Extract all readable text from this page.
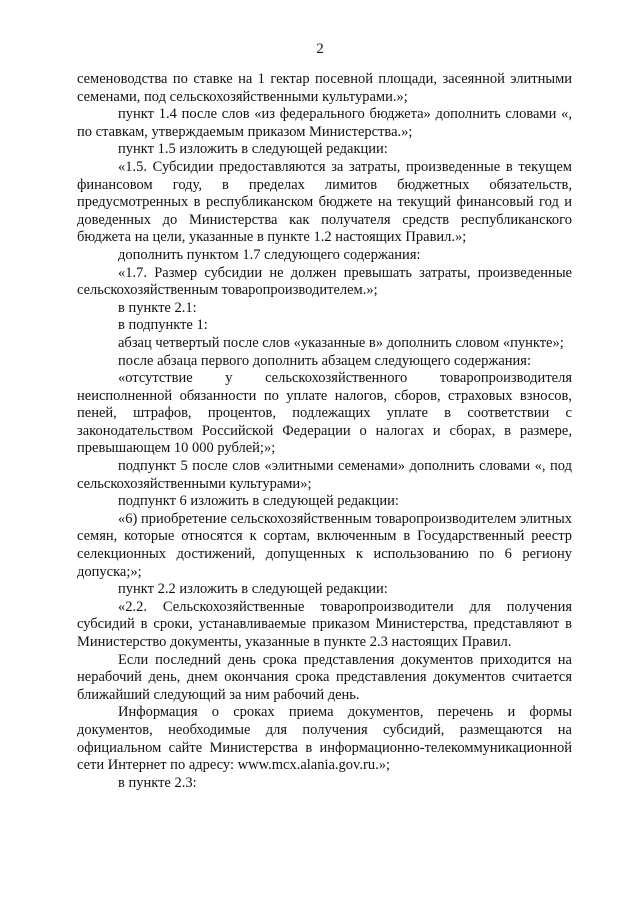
2

семеноводства по ставке на 1 гектар посевной площади, засеянной элитными семенами, под сельскохозяйственными культурами.»;

пункт 1.4 после слов «из федерального бюджета» дополнить словами «, по ставкам, утверждаемым приказом Министерства.»;

пункт 1.5 изложить в следующей редакции:

«1.5. Субсидии предоставляются за затраты, произведенные в текущем финансовом году, в пределах лимитов бюджетных обязательств, предусмотренных в республиканском бюджете на текущий финансовый год и доведенных до Министерства как получателя средств республиканского бюджета на цели, указанные в пункте 1.2 настоящих Правил.»;

дополнить пунктом 1.7 следующего содержания:

«1.7. Размер субсидии не должен превышать затраты, произведенные сельскохозяйственным товаропроизводителем.»;

в пункте 2.1:

в подпункте 1:

абзац четвертый после слов «указанные в» дополнить словом «пункте»;

после абзаца первого дополнить абзацем следующего содержания:

«отсутствие у сельскохозяйственного товаропроизводителя неисполненной обязанности по уплате налогов, сборов, страховых взносов, пеней, штрафов, процентов, подлежащих уплате в соответствии с законодательством Российской Федерации о налогах и сборах, в размере, превышающем 10 000 рублей;»;

подпункт 5 после слов «элитными семенами» дополнить словами «, под сельскохозяйственными культурами»;

подпункт 6 изложить в следующей редакции:

«6) приобретение сельскохозяйственным товаропроизводителем элитных семян, которые относятся к сортам, включенным в Государственный реестр селекционных достижений, допущенных к использованию по 6 региону допуска;»;

пункт 2.2 изложить в следующей редакции:

«2.2. Сельскохозяйственные товаропроизводители для получения субсидий в сроки, устанавливаемые приказом Министерства, представляют в Министерство документы, указанные в пункте 2.3 настоящих Правил.

Если последний день срока представления документов приходится на нерабочий день, днем окончания срока представления документов считается ближайший следующий за ним рабочий день.

Информация о сроках приема документов, перечень и формы документов, необходимые для получения субсидий, размещаются на официальном сайте Министерства в информационно-телекоммуникационной сети Интернет по адресу: www.mcx.alania.gov.ru.»;

в пункте 2.3:
